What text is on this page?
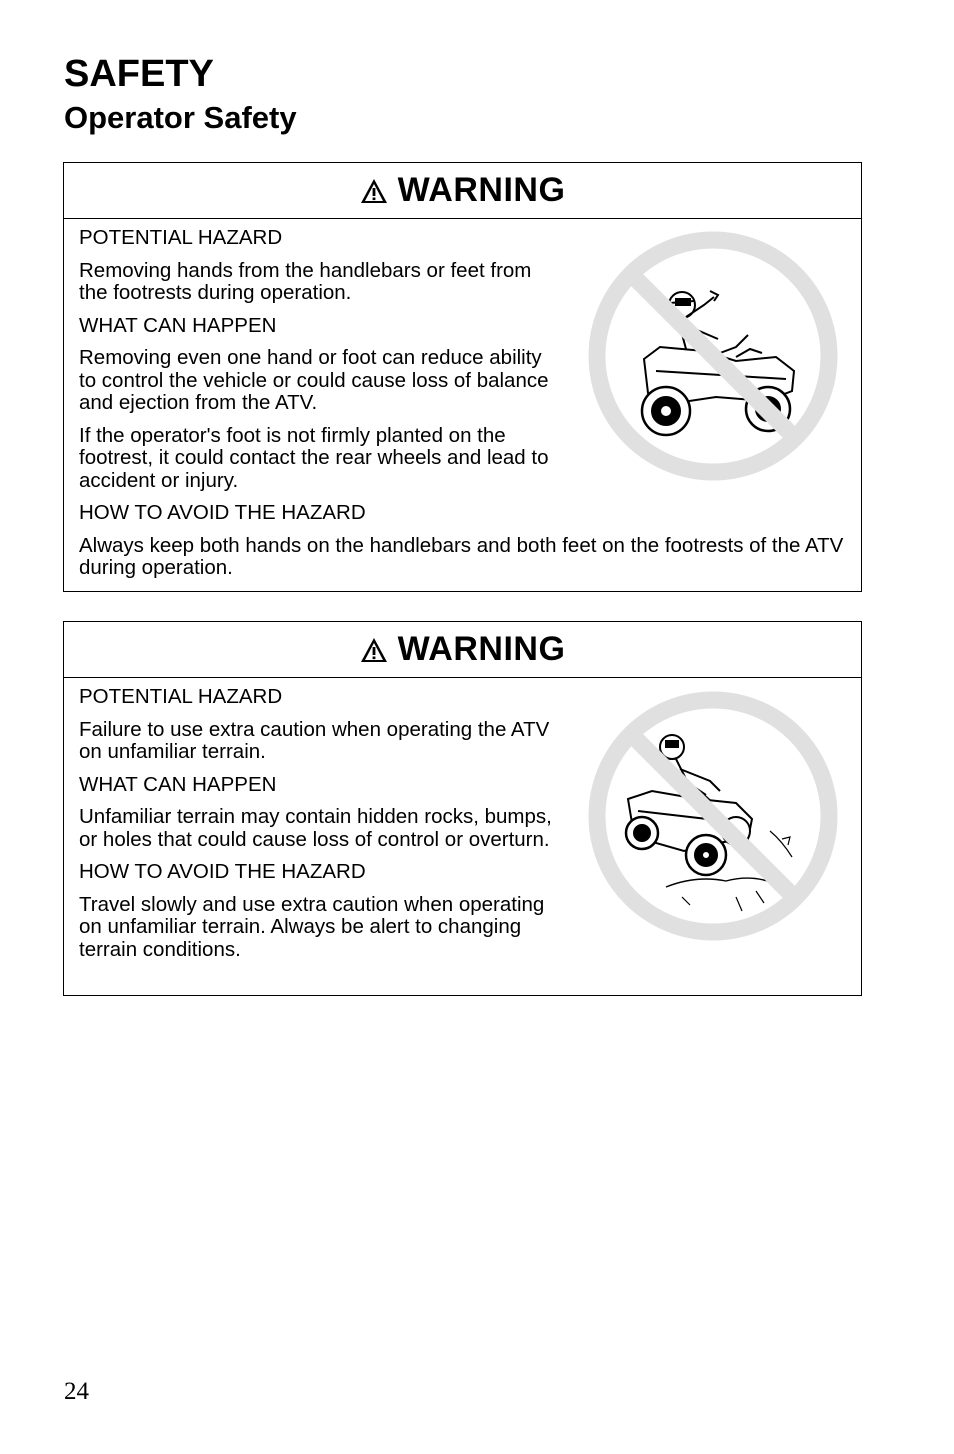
SAFETY
Operator Safety
WARNING

POTENTIAL HAZARD

Removing hands from the handlebars or feet from the footrests during operation.

WHAT CAN HAPPEN

Removing even one hand or foot can reduce ability to control the vehicle or could cause loss of balance and ejection from the ATV.

If the operator's foot is not firmly planted on the footrest, it could contact the rear wheels and lead to accident or injury.

HOW TO AVOID THE HAZARD

Always keep both hands on the handlebars and both feet on the footrests of the ATV during operation.

WARNING

POTENTIAL HAZARD

Failure to use extra caution when operating the ATV on unfamiliar terrain.

WHAT CAN HAPPEN

Unfamiliar terrain may contain hidden rocks, bumps, or holes that could cause loss of control or overturn.

HOW TO AVOID THE HAZARD

Travel slowly and use extra caution when operating on unfamiliar terrain. Always be alert to changing terrain conditions.

24
